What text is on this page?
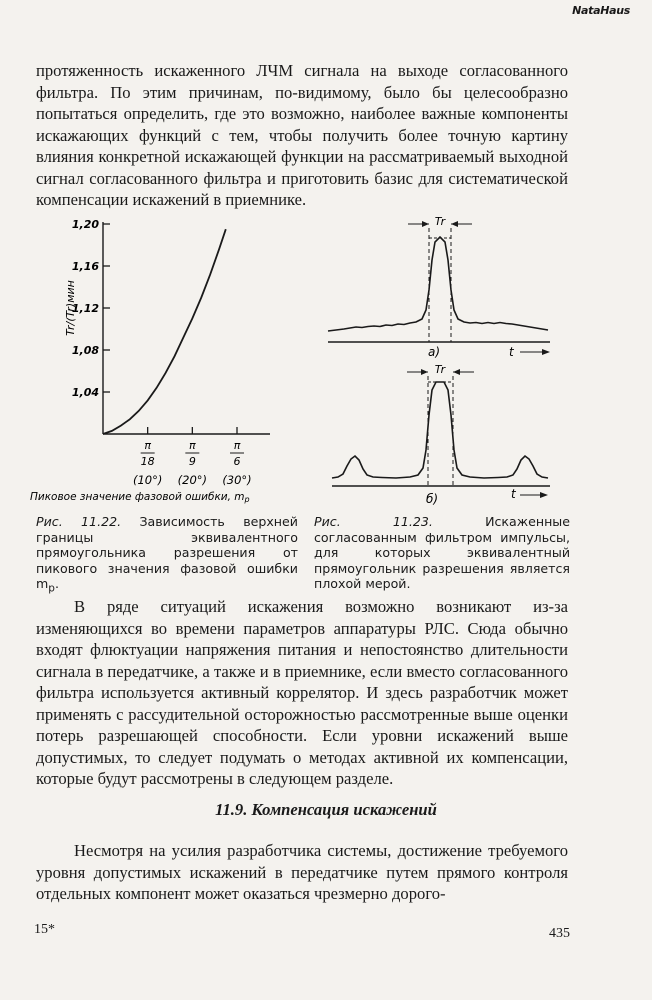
NataHaus

протяженность искаженного ЛЧМ сигнала на выходе согласованного фильтра. По этим причинам, по-видимому, было бы целесообразно попытаться определить, где это возможно, наиболее важные компоненты искажающих функций с тем, чтобы получить более точную картину влияния конкретной искажающей функции на рассматриваемый выходной сигнал согласованного фильтра и приготовить базис для систематической компенсации искажений в приемнике.

1,04
1,08
1,12
1,16
1,20
π
18
(10°)
π
9
(20°)
π
6
(30°)
Tr/(Tr)мин
Пиковое значение фазовой ошибки, mp
Tr
а)	t
Tr
б)	t

Рис. 11.22. Зависимость верхней границы эквивалентного прямоугольника разрешения от пикового значения фазовой ошибки $m_p$.

Рис. 11.23.	Искаженные согласованным фильтром импульсы, для которых эквивалентный прямоугольник разрешения является плохой мерой.

В ряде ситуаций искажения возможно возникают из-за изменяющихся во времени параметров аппаратуры РЛС. Сюда обычно входят флюктуации напряжения питания и непостоянство длительности сигнала в передатчике, а также и в приемнике, если вместо согласованного фильтра используется активный коррелятор. И здесь разработчик может применять с рассудительной осторожностью рассмотренные выше оценки потерь разрешающей способности. Если уровни искажений выше допустимых, то следует подумать о методах активной их компенсации, которые будут рассмотрены в следующем разделе.

11.9. Компенсация искажений

Несмотря на усилия разработчика системы, достижение требуемого уровня допустимых искажений в передатчике путем прямого контроля отдельных компонент может оказаться чрезмерно дорого-

15*	435
